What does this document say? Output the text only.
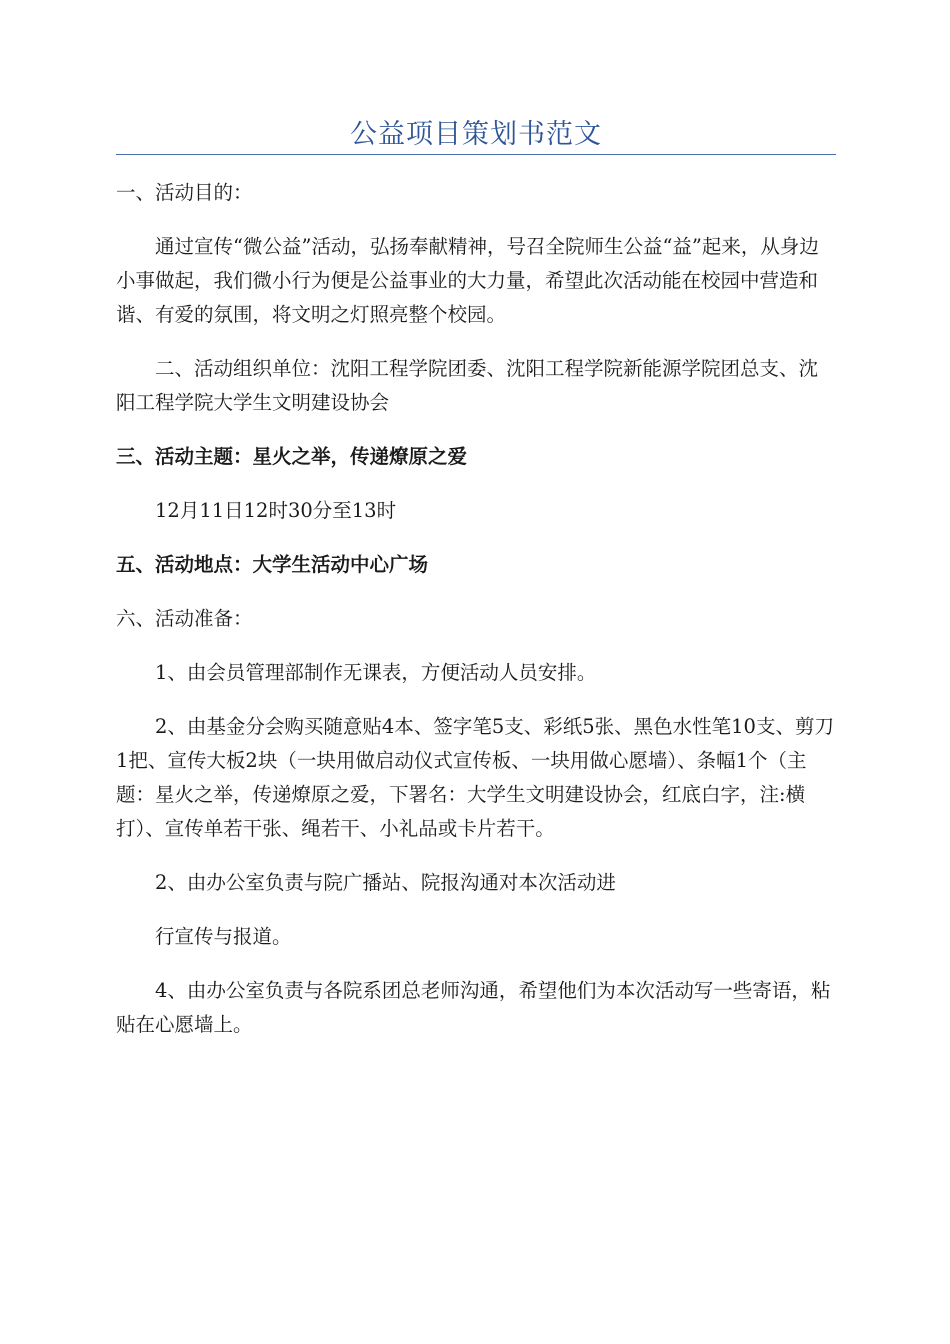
公益项目策划书范文

一、活动目的：

通过宣传“微公益”活动，弘扬奉献精神，号召全院师生公益“益”起来，从身边小事做起，我们微小行为便是公益事业的大力量，希望此次活动能在校园中营造和谐、有爱的氛围，将文明之灯照亮整个校园。

二、活动组织单位：沈阳工程学院团委、沈阳工程学院新能源学院团总支、沈阳工程学院大学生文明建设协会

三、活动主题：星火之举，传递燎原之爱

12月11日12时30分至13时

五、活动地点：大学生活动中心广场

六、活动准备：

1、由会员管理部制作无课表，方便活动人员安排。

2、由基金分会购买随意贴4本、签字笔5支、彩纸5张、黑色水性笔10支、剪刀1把、宣传大板2块（一块用做启动仪式宣传板、一块用做心愿墙）、条幅1个（主题：星火之举，传递燎原之爱，下署名：大学生文明建设协会，红底白字，注:横打）、宣传单若干张、绳若干、小礼品或卡片若干。

2、由办公室负责与院广播站、院报沟通对本次活动进

行宣传与报道。

4、由办公室负责与各院系团总老师沟通，希望他们为本次活动写一些寄语，粘贴在心愿墙上。
